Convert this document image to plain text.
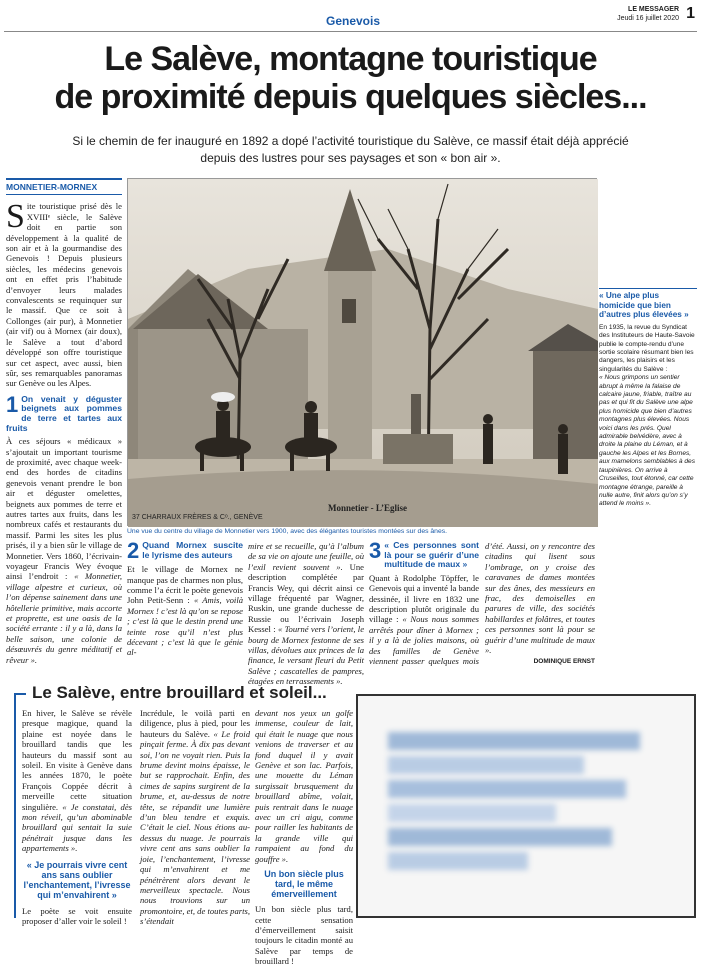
Genevois
LE MESSAGER
Jeudi 16 juillet 2020 1
Le Salève, montagne touristique
de proximité depuis quelques siècles...
Si le chemin de fer inauguré en 1892 a dopé l’activité touristique du Salève, ce massif était déjà apprécié
depuis des lustres pour ses paysages et son « bon air ».
MONNETIER-MORNEX
S ite touristique prisé dès le XVIIIᵉ siècle, le Salève doit en partie son développement à la qualité de son air et à la gourmandise des Genevois ! Depuis plusieurs siècles, les médecins genevois ont en effet pris l’habitude d’envoyer leurs malades convalescents se requinquer sur le massif. Que ce soit à Collonges (air pur), à Monnetier (air vif) ou à Mornex (air doux), le Salève a tout d’abord développé son offre touristique sur cet aspect, avec aussi, bien sûr, ses remarquables panoramas sur Genève ou les Alpes.
1 On venait y déguster beignets aux pommes de terre et tartes aux fruits
À ces séjours « médicaux » s’ajoutait un important tourisme de proximité, avec chaque week-end des hordes de citadins genevois venant prendre le bon air et déguster omelettes, beignets aux pommes de terre et autres tartes aux fruits, dans les nombreux cafés et restaurants du massif. Parmi les sites les plus prisés, il y a bien sûr le village de Monnetier. Vers 1860, l’écrivain-voyageur Francis Wey évoque ainsi l’endroit : « Monnetier, village alpestre et curieux, où l’on dépense sainement dans une hôtellerie primitive, mais accorte et proprette, est une oasis de la société errante : il y a là, dans la belle saison, une colonie de désœuvrés du genre méditatif et rêveur ».
37 CHARRAUX FRÈRES & Cᵒ., GENÈVE
Monnetier - L’Eglise
Une vue du centre du village de Monnetier vers 1900, avec des élégantes touristes montées sur des ânes.
« Une alpe plus homicide que bien d’autres plus élevées »
En 1935, la revue du Syndicat des Instituteurs de Haute-Savoie publie le compte-rendu d’une sortie scolaire résumant bien les dangers, les plaisirs et les singularités du Salève :
« Nous grimpons un sentier abrupt à même la falaise de calcaire jaune, friable, traître au pas et qui fit du Salève une alpe plus homicide que bien d’autres montagnes plus élevées. Nous voici dans les prés. Quel admirable belvédère, avec à droite la plaine du Léman, et à gauche les Alpes et les Bornes, aux mamelons semblables à des taupinières. On arrive à Cruseilles, tout étonné, car cette montagne étrange, pareille à nulle autre, finit alors qu’on s’y attend le moins ».
2 Quand Mornex suscite le lyrisme des auteurs
Et le village de Mornex ne manque pas de charmes non plus, comme l’a écrit le poète genevois John Petit-Senn : « Amis, voilà Mornex ! c’est là qu’on se repose ; c’est là que le destin prend une teinte rose qu’il n’est plus décevant ; c’est là que le génie al-
mire et se recueille, qu’à l’album de sa vie on ajoute une feuille, où l’exil revient souvent ». Une description complétée par Francis Wey, qui décrit ainsi ce village fréquenté par Wagner, Ruskin, une grande duchesse de Russie ou l’écrivain Joseph Kessel : « Tourné vers l’orient, le bourg de Mornex festonne de ses villas, dévolues aux princes de la finance, le versant fleuri du Petit Salève ; cascatelles de pampres, étagées en terrassements ».
3 « Ces personnes sont là pour se guérir d’une multitude de maux »
Quant à Rodolphe Töpffer, le Genevois qui a inventé la bande dessinée, il livre en 1832 une description plutôt originale du village : « Nous nous sommes arrêtés pour dîner à Mornex ; il y a là de jolies maisons, où des familles de Genève viennent passer quelques mois d’été. Aussi, on y rencontre des citadins qui lisent sous l’ombrage, on y croise des caravanes de dames montées sur des ânes, des messieurs en frac, des demoiselles en parures de ville, des sociétés habillardes et folâtres, et toutes ces personnes sont là pour se guérir d’une multitude de maux ».
DOMINIQUE ERNST
Le Salève, entre brouillard et soleil...
En hiver, le Salève se révèle presque magique, quand la plaine est noyée dans le brouillard tandis que les hauteurs du massif sont au soleil. En visite à Genève dans les années 1870, le poète François Coppée décrit à merveille cette situation singulière. « Je constatai, dès mon réveil, qu’un abominable brouillard qui sentait la suie pénétrait jusque dans les appartements ».
« Je pourrais vivre cent ans sans oublier l’enchantement, l’ivresse qui m’envahirent »
Le poète se voit ensuite proposer d’aller voir le soleil !
Incrédule, le voilà parti en diligence, plus à pied, pour les hauteurs du Salève. « Le froid pinçait ferme. À dix pas devant soi, l’on ne voyait rien. Puis la brume devint moins épaisse, le but se rapprochait. Enfin, des cimes de sapins surgirent de la brume, et, au-dessus de notre tête, se répandit une lumière d’un bleu tendre et exquis. C’était le ciel. Nous étions au-dessus du nuage. Je pourrais vivre cent ans sans oublier la joie, l’enchantement, l’ivresse qui m’envahirent et me pénétrèrent alors devant le merveilleux spectacle. Nous nous trouvions sur un promontoire, et, de toutes parts, s’étendait
devant nos yeux un golfe immense, couleur de lait, qui était le nuage que nous venions de traverser et au fond duquel il y avait Genève et son lac. Parfois, une mouette du Léman surgissait brusquement du brouillard abîme, volait, puis rentrait dans le nuage avec un cri aigu, comme pour railler les habitants de la grande ville qui rampaient au fond du gouffre ».
Un bon siècle plus tard, le même émerveillement
Un bon siècle plus tard, cette sensation d’émerveillement saisit toujours le citadin monté au Salève par temps de brouillard !
